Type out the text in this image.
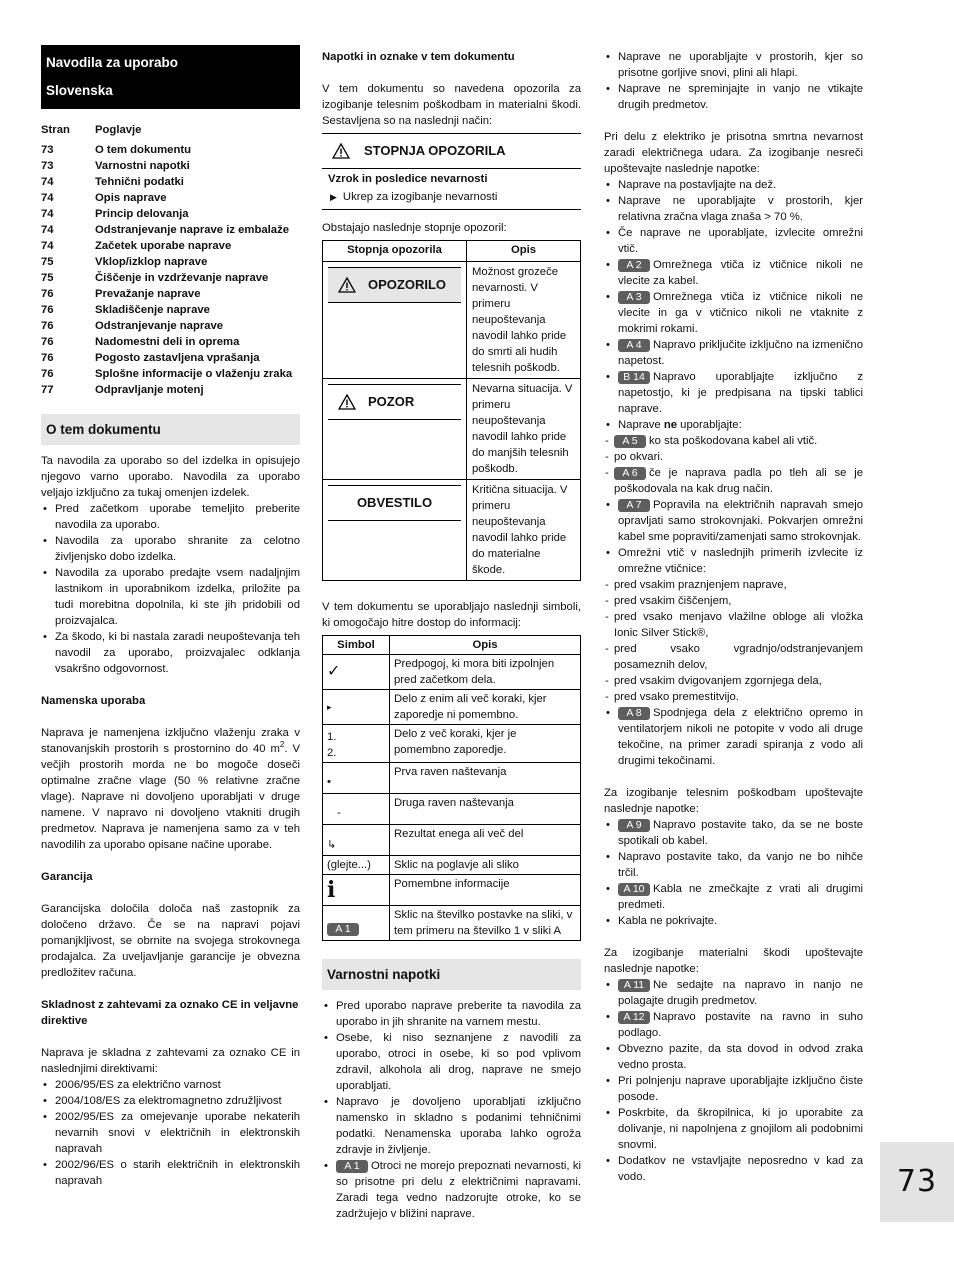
Navodila za uporabo
Slovenska
Stran	Poglavje

73	O tem dokumentu
73	Varnostni napotki
74	Tehnični podatki
74	Opis naprave
74	Princip delovanja
74	Odstranjevanje naprave iz embalaže
74	Začetek uporabe naprave
75	Vklop/izklop naprave
75	Čiščenje in vzdrževanje naprave
76	Prevažanje naprave
76	Skladiščenje naprave
76	Odstranjevanje naprave
76	Nadomestni deli in oprema
76	Pogosto zastavljena vprašanja
76	Splošne informacije o vlaženju zraka
77	Odpravljanje motenj
O tem dokumentu

Ta navodila za uporabo so del izdelka in opisujejo njegovo varno uporabo. Navodila za uporabo veljajo izključno za tukaj omenjen izdelek.

• Pred začetkom uporabe temeljito preberite navodila za uporabo.
• Navodila za uporabo shranite za celotno življenjsko dobo izdelka.
• Navodila za uporabo predajte vsem nadaljnjim lastnikom in uporabnikom izdelka, priložite pa tudi morebitna dopolnila, ki ste jih pridobili od proizvajalca.
• Za škodo, ki bi nastala zaradi neupoštevanja teh navodil za uporabo, proizvajalec odklanja vsakršno odgovornost.

Namenska uporaba

Naprava je namenjena izključno vlaženju zraka v stanovanjskih prostorih s prostornino do 40 $m^2$. V večjih prostorih morda ne bo mogoče doseči optimalne zračne vlage (50 % relativne zračne vlage). Naprave ni dovoljeno uporabljati v druge namene. V napravo ni dovoljeno vtakniti drugih predmetov. Naprava je namenjena samo za v teh navodilih za uporabo opisane načine uporabe.

Garancija

Garancijska določila določa naš zastopnik za določeno državo. Če se na napravi pojavi pomanjkljivost, se obrnite na svojega strokovnega prodajalca. Za uveljavljanje garancije je obvezna predložitev računa.

Skladnost z zahtevami za oznako CE in veljavne direktive

Naprava je skladna z zahtevami za oznako CE in naslednjimi direktivami:

• 2006/95/ES za električno varnost
• 2004/108/ES za elektromagnetno združljivost
• 2002/95/ES za omejevanje uporabe nekaterih nevarnih snovi v električnih in elektronskih napravah
• 2002/96/ES o starih električnih in elektronskih napravah

Napotki in oznake v tem dokumentu

V tem dokumentu so navedena opozorila za izogibanje telesnim poškodbam in materialni škodi. Sestavljena so na naslednji način:

STOPNJA OPOZORILA
Vzrok in posledice nevarnosti
▶ Ukrep za izogibanje nevarnosti

Obstajajo naslednje stopnje opozoril:

Stopnja opozorila	Opis

OPOZORILO	Možnost grozeče nevarnosti. V primeru neupoštevanja navodil lahko pride do smrti ali hudih telesnih poškodb.

POZOR	Nevarna situacija. V primeru neupoštevanja navodil lahko pride do manjših telesnih poškodb.

OBVESTILO	Kritična situacija. V primeru neupoštevanja navodil lahko pride do materialne škode.

V tem dokumentu se uporabljajo naslednji simboli, ki omogočajo hitre dostop do informacij:

Simbol	Opis
✓	Predpogoj, ki mora biti izpolnjen pred začetkom dela.
▸	Delo z enim ali več koraki, kjer zaporedje ni pomembno.
1.
2.	Delo z več koraki, kjer je pomembno zaporedje.
•	Prva raven naštevanja
-	Druga raven naštevanja
↳	Rezultat enega ali več del
(glejte...)	Sklic na poglavje ali sliko
i	Pomembne informacije
A 1	Sklic na številko postavke na sliki, v tem primeru na številko 1 v sliki A
Varnostni napotki
• Pred uporabo naprave preberite ta navodila za uporabo in jih shranite na varnem mestu.
• Osebe, ki niso seznanjene z navodili za uporabo, otroci in osebe, ki so pod vplivom zdravil, alkohola ali drog, naprave ne smejo uporabljati.
• Napravo je dovoljeno uporabljati izključno namensko in skladno s podanimi tehničnimi podatki. Nenamenska uporaba lahko ogroža zdravje in življenje.
• A 1 Otroci ne morejo prepoznati nevarnosti, ki so prisotne pri delu z električnimi napravami. Zaradi tega vedno nadzorujte otroke, ko se zadržujejo v bližini naprave.
• Naprave ne uporabljajte v prostorih, kjer so prisotne gorljive snovi, plini ali hlapi.
• Naprave ne spreminjajte in vanjo ne vtikajte drugih predmetov.

Pri delu z elektriko je prisotna smrtna nevarnost zaradi električnega udara. Za izogibanje nesreči upoštevajte naslednje napotke:

• Naprave na postavljajte na dež.
• Naprave ne uporabljajte v prostorih, kjer relativna zračna vlaga znaša > 70 %.
• Če naprave ne uporabljate, izvlecite omrežni vtič.
• A 2 Omrežnega vtiča iz vtičnice nikoli ne vlecite za kabel.
• A 3 Omrežnega vtiča iz vtičnice nikoli ne vlecite in ga v vtičnico nikoli ne vtaknite z mokrimi rokami.
• A 4 Napravo priključite izključno na izmenično napetost.
• B 14 Napravo uporabljajte izključno z napetostjo, ki je predpisana na tipski tablici naprave.
• Naprave ne uporabljajte:
- A 5 ko sta poškodovana kabel ali vtič.
- po okvari.
- A 6 če je naprava padla po tleh ali se je poškodovala na kak drug način.
• A 7 Popravila na električnih napravah smejo opravljati samo strokovnjaki. Pokvarjen omrežni kabel sme popraviti/zamenjati samo strokovnjak.
• Omrežni vtič v naslednjih primerih izvlecite iz omrežne vtičnice:
- pred vsakim praznjenjem naprave,
- pred vsakim čiščenjem,
- pred vsako menjavo vlažilne obloge ali vložka Ionic Silver Stick®,
- pred vsako vgradnjo/odstranjevanjem posameznih delov,
- pred vsakim dvigovanjem zgornjega dela,
- pred vsako premestitvijo.
• A 8 Spodnjega dela z električno opremo in ventilatorjem nikoli ne potopite v vodo ali druge tekočine, na primer zaradi spiranja z vodo ali drugimi tekočinami.

Za izogibanje telesnim poškodbam upoštevajte naslednje napotke:

• A 9 Napravo postavite tako, da se ne boste spotikali ob kabel.
• Napravo postavite tako, da vanjo ne bo nihče trčil.
• A 10 Kabla ne zmečkajte z vrati ali drugimi predmeti.
• Kabla ne pokrivajte.

Za izogibanje materialni škodi upoštevajte naslednje napotke:

• A 11 Ne sedajte na napravo in nanjo ne polagajte drugih predmetov.
• A 12 Napravo postavite na ravno in suho podlago.
• Obvezno pazite, da sta dovod in odvod zraka vedno prosta.
• Pri polnjenju naprave uporabljajte izključno čiste posode.
• Poskrbite, da škropilnica, ki jo uporabite za dolivanje, ni napolnjena z gnojilom ali podobnimi snovmi.
• Dodatkov ne vstavljajte neposredno v kad za vodo.	73
